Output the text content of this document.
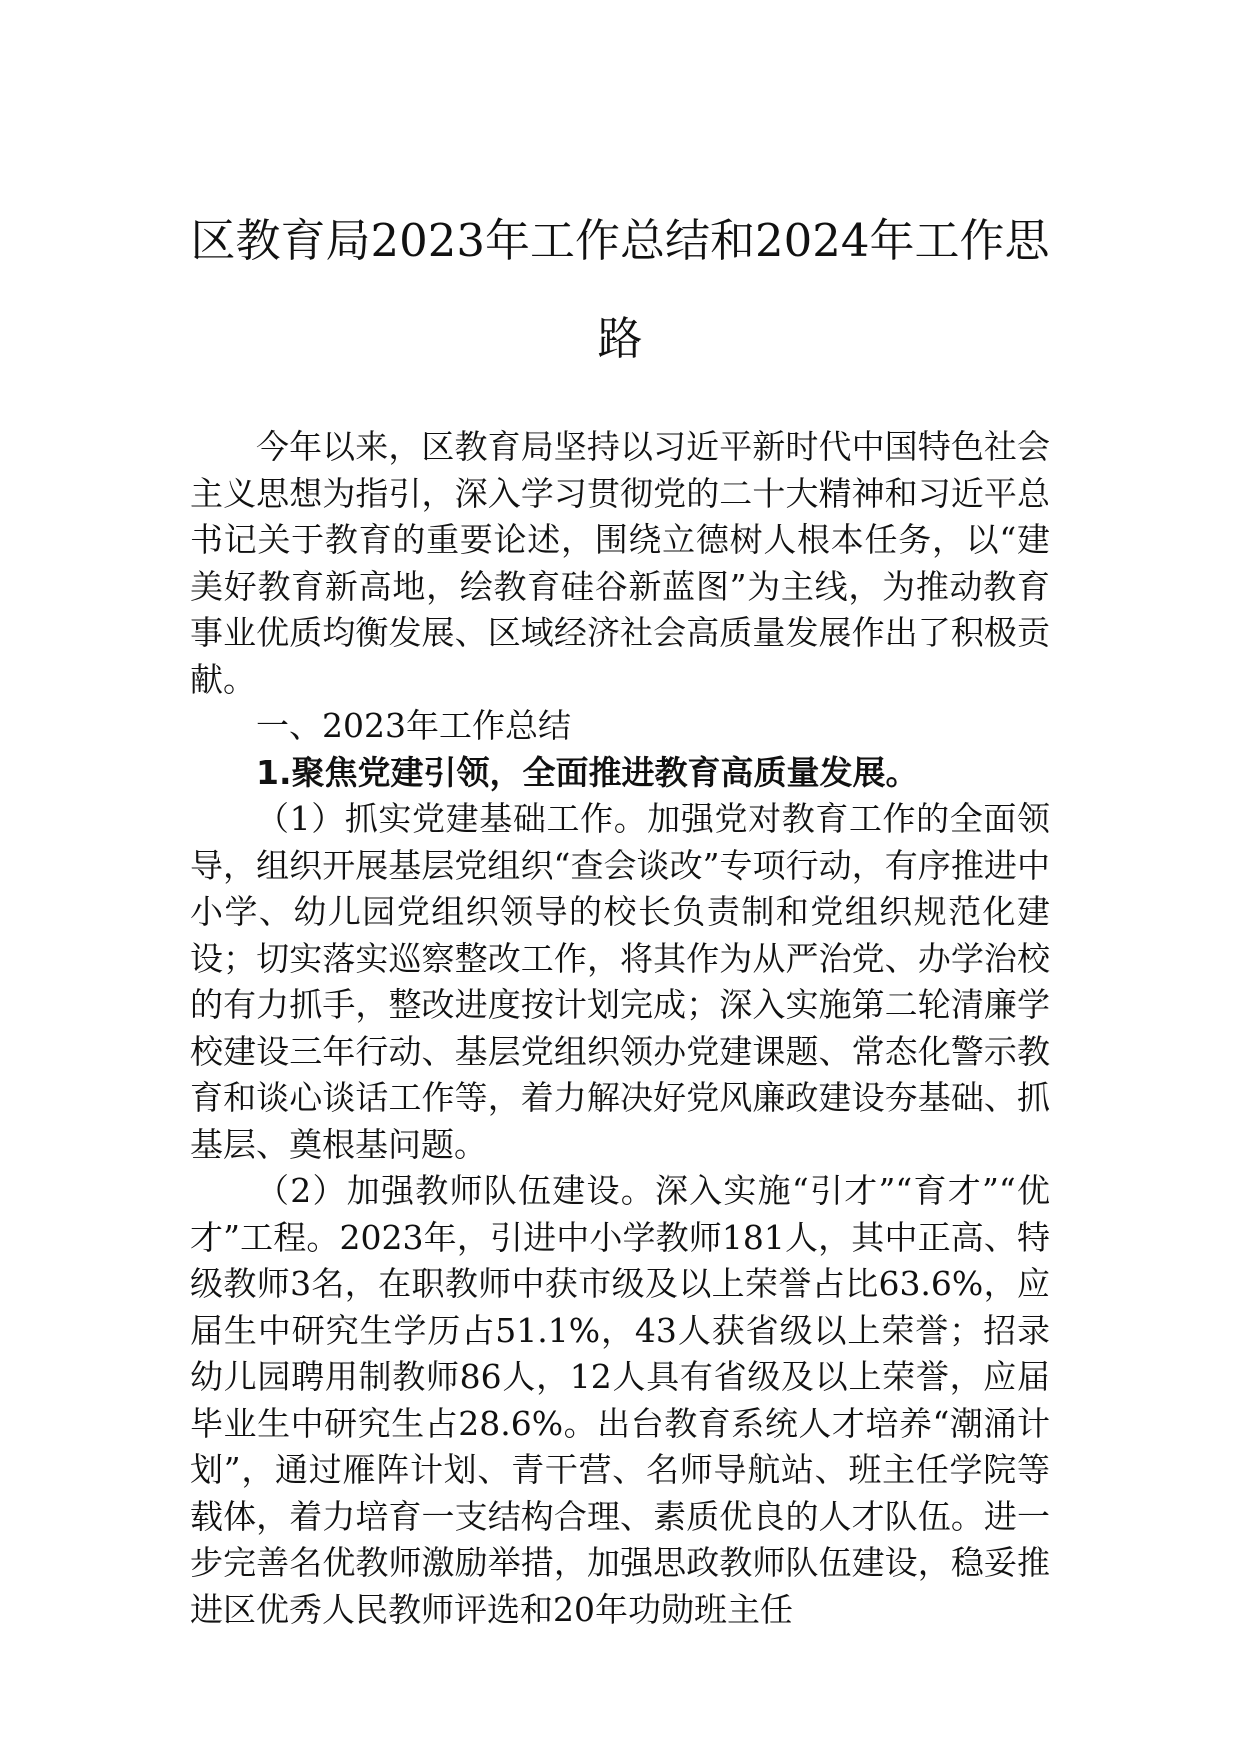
区教育局2023年工作总结和2024年工作思路

今年以来，区教育局坚持以习近平新时代中国特色社会主义思想为指引，深入学习贯彻党的二十大精神和习近平总书记关于教育的重要论述，围绕立德树人根本任务，以“建美好教育新高地，绘教育硅谷新蓝图”为主线，为推动教育事业优质均衡发展、区域经济社会高质量发展作出了积极贡献。

一、2023年工作总结

1.聚焦党建引领，全面推进教育高质量发展。

（1）抓实党建基础工作。加强党对教育工作的全面领导，组织开展基层党组织“查会谈改”专项行动，有序推进中小学、幼儿园党组织领导的校长负责制和党组织规范化建设；切实落实巡察整改工作，将其作为从严治党、办学治校的有力抓手，整改进度按计划完成；深入实施第二轮清廉学校建设三年行动、基层党组织领办党建课题、常态化警示教育和谈心谈话工作等，着力解决好党风廉政建设夯基础、抓基层、奠根基问题。

（2）加强教师队伍建设。深入实施“引才”“育才”“优才”工程。2023年，引进中小学教师181人，其中正高、特级教师3名，在职教师中获市级及以上荣誉占比63.6%，应届生中研究生学历占51.1%，43人获省级以上荣誉；招录幼儿园聘用制教师86人，12人具有省级及以上荣誉，应届毕业生中研究生占28.6%。出台教育系统人才培养“潮涌计划”，通过雁阵计划、青干营、名师导航站、班主任学院等载体，着力培育一支结构合理、素质优良的人才队伍。进一步完善名优教师激励举措，加强思政教师队伍建设，稳妥推进区优秀人民教师评选和20年功勋班主任
